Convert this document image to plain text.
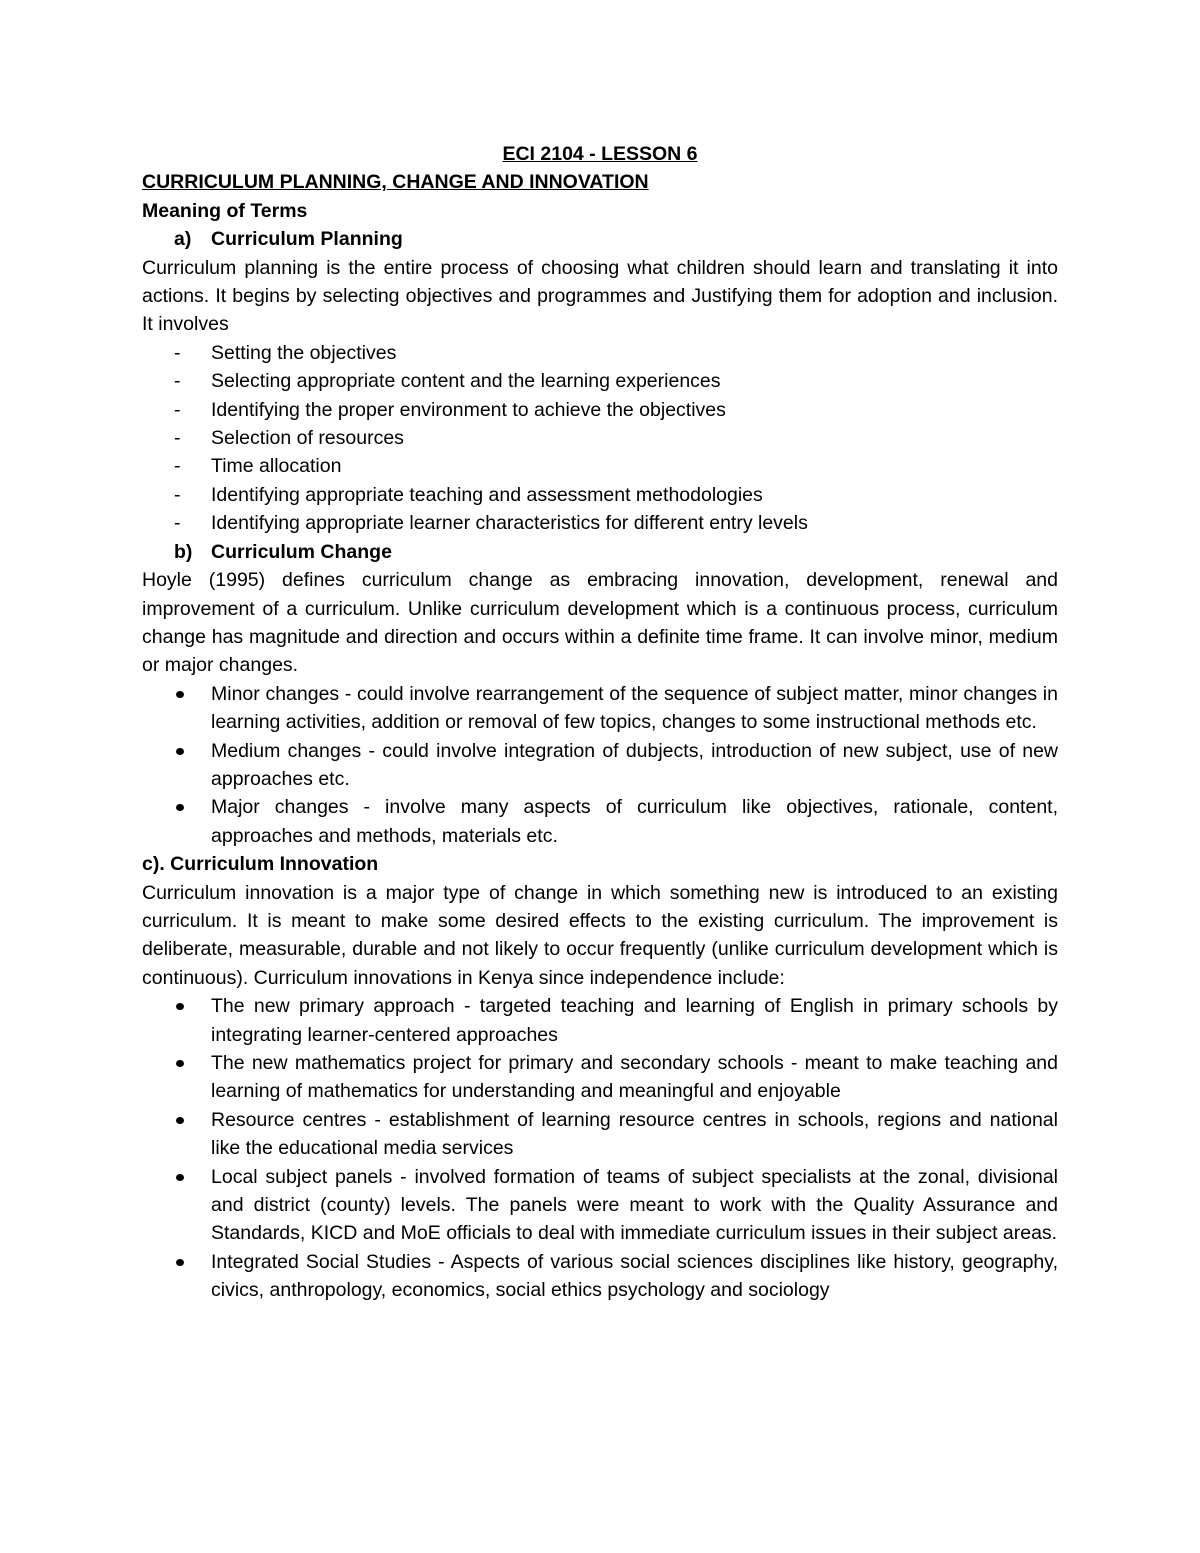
ECI 2104 - LESSON 6

CURRICULUM PLANNING, CHANGE AND INNOVATION

Meaning of Terms

a)	Curriculum Planning

Curriculum planning is the entire process of choosing what children should learn and translating it into actions. It begins by selecting objectives and programmes and Justifying them for adoption and inclusion. It involves

- Setting the objectives
- Selecting appropriate content and the learning experiences
- Identifying the proper environment to achieve the objectives
- Selection of resources
- Time allocation
- Identifying appropriate teaching and assessment methodologies
- Identifying appropriate learner characteristics for different entry levels
b) Curriculum Change

Hoyle (1995) defines curriculum change as embracing innovation, development, renewal and improvement of a curriculum. Unlike curriculum development which is a continuous process, curriculum change has magnitude and direction and occurs within a definite time frame. It can involve minor, medium or major changes.

Minor changes - could involve rearrangement of the sequence of subject matter, minor changes in learning activities, addition or removal of few topics, changes to some instructional methods etc.
Medium changes - could involve integration of dubjects, introduction of new subject, use of new approaches etc.
Major changes - involve many aspects of curriculum like objectives, rationale, content, approaches and methods, materials etc.

c). Curriculum Innovation

Curriculum innovation is a major type of change in which something new is introduced to an existing curriculum. It is meant to make some desired effects to the existing curriculum. The improvement is deliberate, measurable, durable and not likely to occur frequently (unlike curriculum development which is continuous). Curriculum innovations in Kenya since independence include:

The new primary approach - targeted teaching and learning of English in primary schools by integrating learner-centered approaches
The new mathematics project for primary and secondary schools - meant to make teaching and learning of mathematics for understanding and meaningful and enjoyable
Resource centres - establishment of learning resource centres in schools, regions and national like the educational media services
Local subject panels - involved formation of teams of subject specialists at the zonal, divisional and district (county) levels. The panels were meant to work with the Quality Assurance and Standards, KICD and MoE officials to deal with immediate curriculum issues in their subject areas.
Integrated Social Studies - Aspects of various social sciences disciplines like history, geography, civics, anthropology, economics, social ethics psychology and sociology
